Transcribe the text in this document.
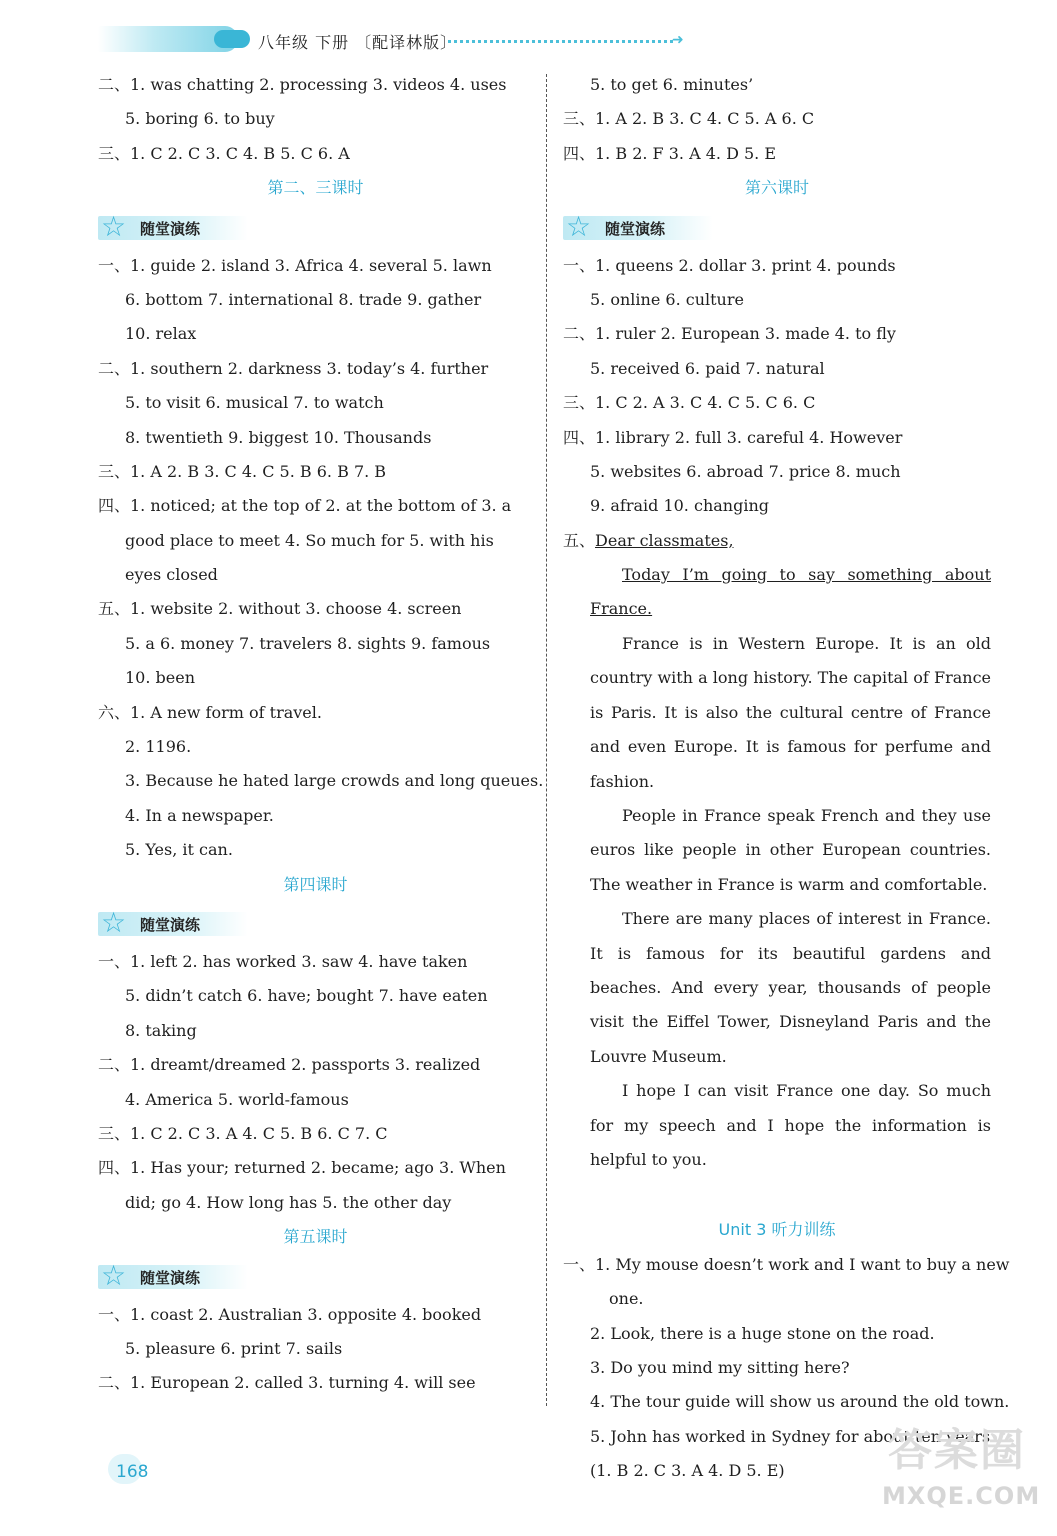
八年级 下册 〔配译林版〕	➜
二、1. was chatting 2. processing 3. videos 4. uses
5. boring 6. to buy
三、1. C 2. C 3. C 4. B 5. C 6. A
第二、三课时
☆ 随堂演练
一、1. guide 2. island 3. Africa 4. several 5. lawn
6. bottom 7. international 8. trade 9. gather
10. relax
二、1. southern 2. darkness 3. today’s 4. further
5. to visit 6. musical 7. to watch
8. twentieth 9. biggest 10. Thousands
三、1. A 2. B 3. C 4. C 5. B 6. B 7. B
四、1. noticed; at the top of 2. at the bottom of 3. a
good place to meet 4. So much for 5. with his
eyes closed
五、1. website 2. without 3. choose 4. screen
5. a 6. money 7. travelers 8. sights 9. famous
10. been
六、1. A new form of travel.
2. 1196.
3. Because he hated large crowds and long queues.
4. In a newspaper.
5. Yes, it can.
第四课时
☆ 随堂演练
一、1. left 2. has worked 3. saw 4. have taken
5. didn’t catch 6. have; bought 7. have eaten
8. taking
二、1. dreamt/dreamed 2. passports 3. realized
4. America 5. world-famous
三、1. C 2. C 3. A 4. C 5. B 6. C 7. C
四、1. Has your; returned 2. became; ago 3. When
did; go 4. How long has 5. the other day
第五课时
☆ 随堂演练
一、1. coast 2. Australian 3. opposite 4. booked
5. pleasure 6. print 7. sails
二、1. European 2. called 3. turning 4. will see
5. to get 6. minutes’
三、1. A 2. B 3. C 4. C 5. A 6. C
四、1. B 2. F 3. A 4. D 5. E
第六课时
☆ 随堂演练
一、1. queens 2. dollar 3. print 4. pounds
5. online 6. culture
二、1. ruler 2. European 3. made 4. to fly
5. received 6. paid 7. natural
三、1. C 2. A 3. C 4. C 5. C 6. C
四、1. library 2. full 3. careful 4. However
5. websites 6. abroad 7. price 8. much
9. afraid 10. changing
五、Dear classmates,
Today I’m going to say something about France.
France is in Western Europe. It is an old country with a long history. The capital of France is Paris. It is also the cultural centre of France and even Europe. It is famous for perfume and fashion.
People in France speak French and they use euros like people in other European countries. The weather in France is warm and comfortable.
There are many places of interest in France. It is famous for its beautiful gardens and beaches. And every year, thousands of people visit the Eiffel Tower, Disneyland Paris and the Louvre Museum.
I hope I can visit France one day. So much for my speech and I hope the information is helpful to you.
Unit 3 听力训练
一、1. My mouse doesn’t work and I want to buy a new
one.
2. Look, there is a huge stone on the road.
3. Do you mind my sitting here?
4. The tour guide will show us around the old town.
5. John has worked in Sydney for about ten years.
(1. B 2. C 3. A 4. D 5. E)
168	答案圈
MXQE.COM
